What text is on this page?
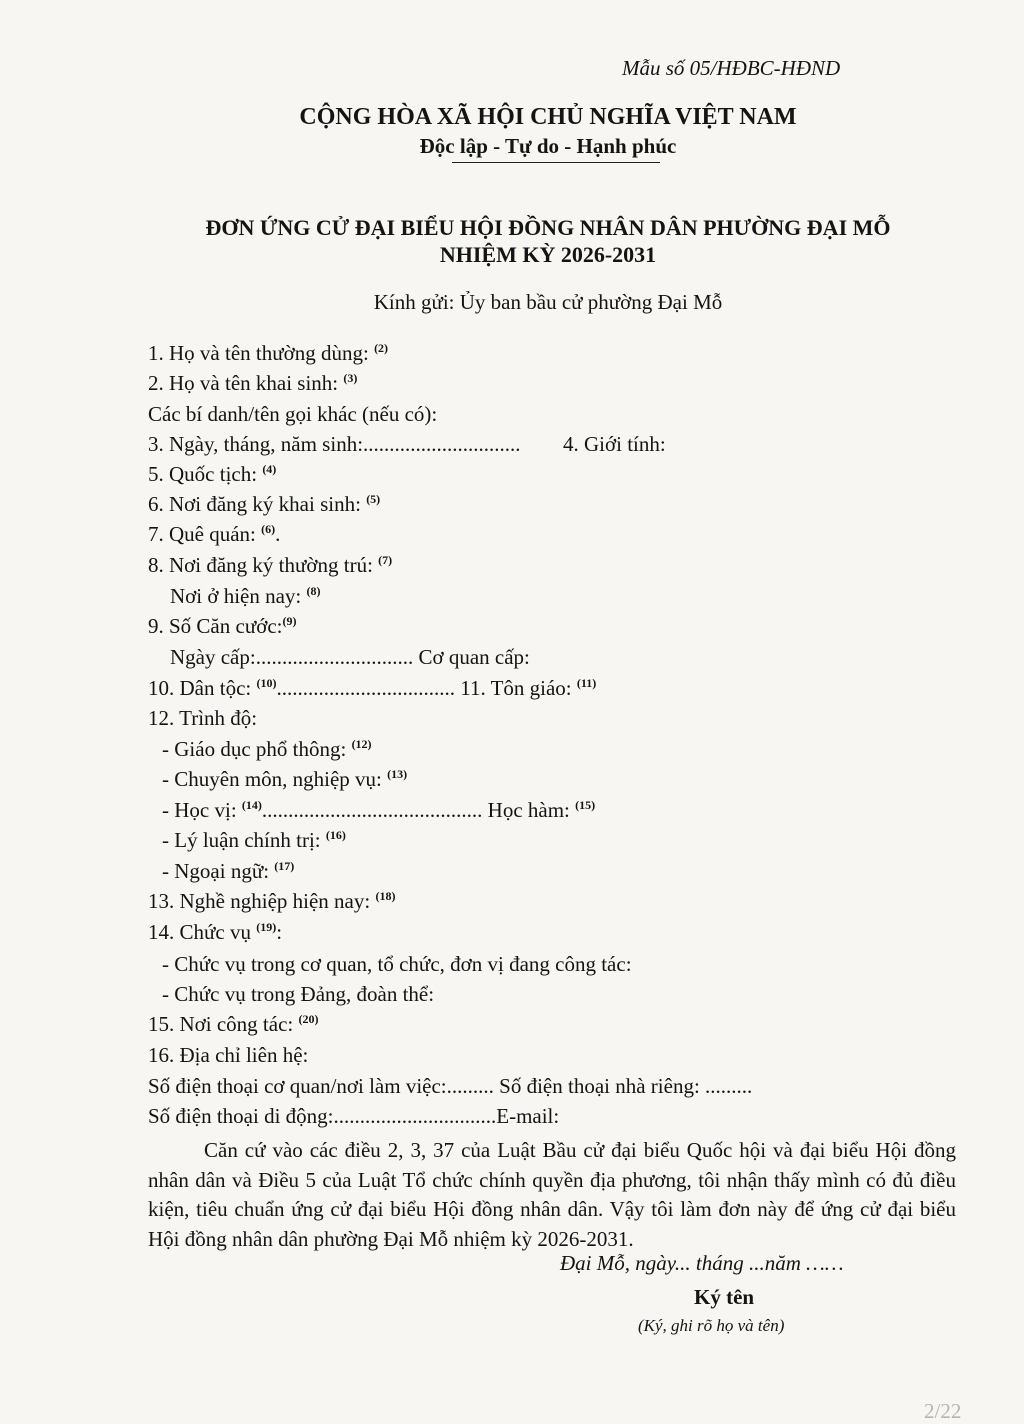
Mẫu số 05/HĐBC-HĐND
CỘNG HÒA XÃ HỘI CHỦ NGHĨA VIỆT NAM
Độc lập - Tự do - Hạnh phúc
ĐƠN ỨNG CỬ ĐẠI BIỂU HỘI ĐỒNG NHÂN DÂN PHƯỜNG ĐẠI MỖ
NHIỆM KỲ 2026-2031
Kính gửi: Ủy ban bầu cử phường Đại Mỗ
1. Họ và tên thường dùng: $^{(2)}$
2. Họ và tên khai sinh: $^{(3)}$
Các bí danh/tên gọi khác (nếu có):
3. Ngày, tháng, năm sinh:.............................. 4. Giới tính:
5. Quốc tịch: $^{(4)}$
6. Nơi đăng ký khai sinh: $^{(5)}$
7. Quê quán: $^{(6)}$.
8. Nơi đăng ký thường trú: $^{(7)}$
Nơi ở hiện nay: $^{(8)}$
9. Số Căn cước:$^{(9)}$
Ngày cấp:.............................. Cơ quan cấp:
10. Dân tộc: $^{(10)}$.................................. 11. Tôn giáo: $^{(11)}$
12. Trình độ:
- Giáo dục phổ thông: $^{(12)}$
- Chuyên môn, nghiệp vụ: $^{(13)}$
- Học vị: $^{(14)}$.......................................... Học hàm: $^{(15)}$
- Lý luận chính trị: $^{(16)}$
- Ngoại ngữ: $^{(17)}$
13. Nghề nghiệp hiện nay: $^{(18)}$
14. Chức vụ $^{(19)}$:
- Chức vụ trong cơ quan, tổ chức, đơn vị đang công tác:
- Chức vụ trong Đảng, đoàn thể:
15. Nơi công tác: $^{(20)}$
16. Địa chỉ liên hệ:
Số điện thoại cơ quan/nơi làm việc:......... Số điện thoại nhà riêng: .........
Số điện thoại di động:...............................E-mail:
Căn cứ vào các điều 2, 3, 37 của Luật Bầu cử đại biểu Quốc hội và đại biểu Hội đồng nhân dân và Điều 5 của Luật Tổ chức chính quyền địa phương, tôi nhận thấy mình có đủ điều kiện, tiêu chuẩn ứng cử đại biểu Hội đồng nhân dân. Vậy tôi làm đơn này để ứng cử đại biểu Hội đồng nhân dân phường Đại Mỗ nhiệm kỳ 2026-2031.
Đại Mỗ, ngày... tháng ...năm ……
Ký tên
(Ký, ghi rõ họ và tên)
2/22
